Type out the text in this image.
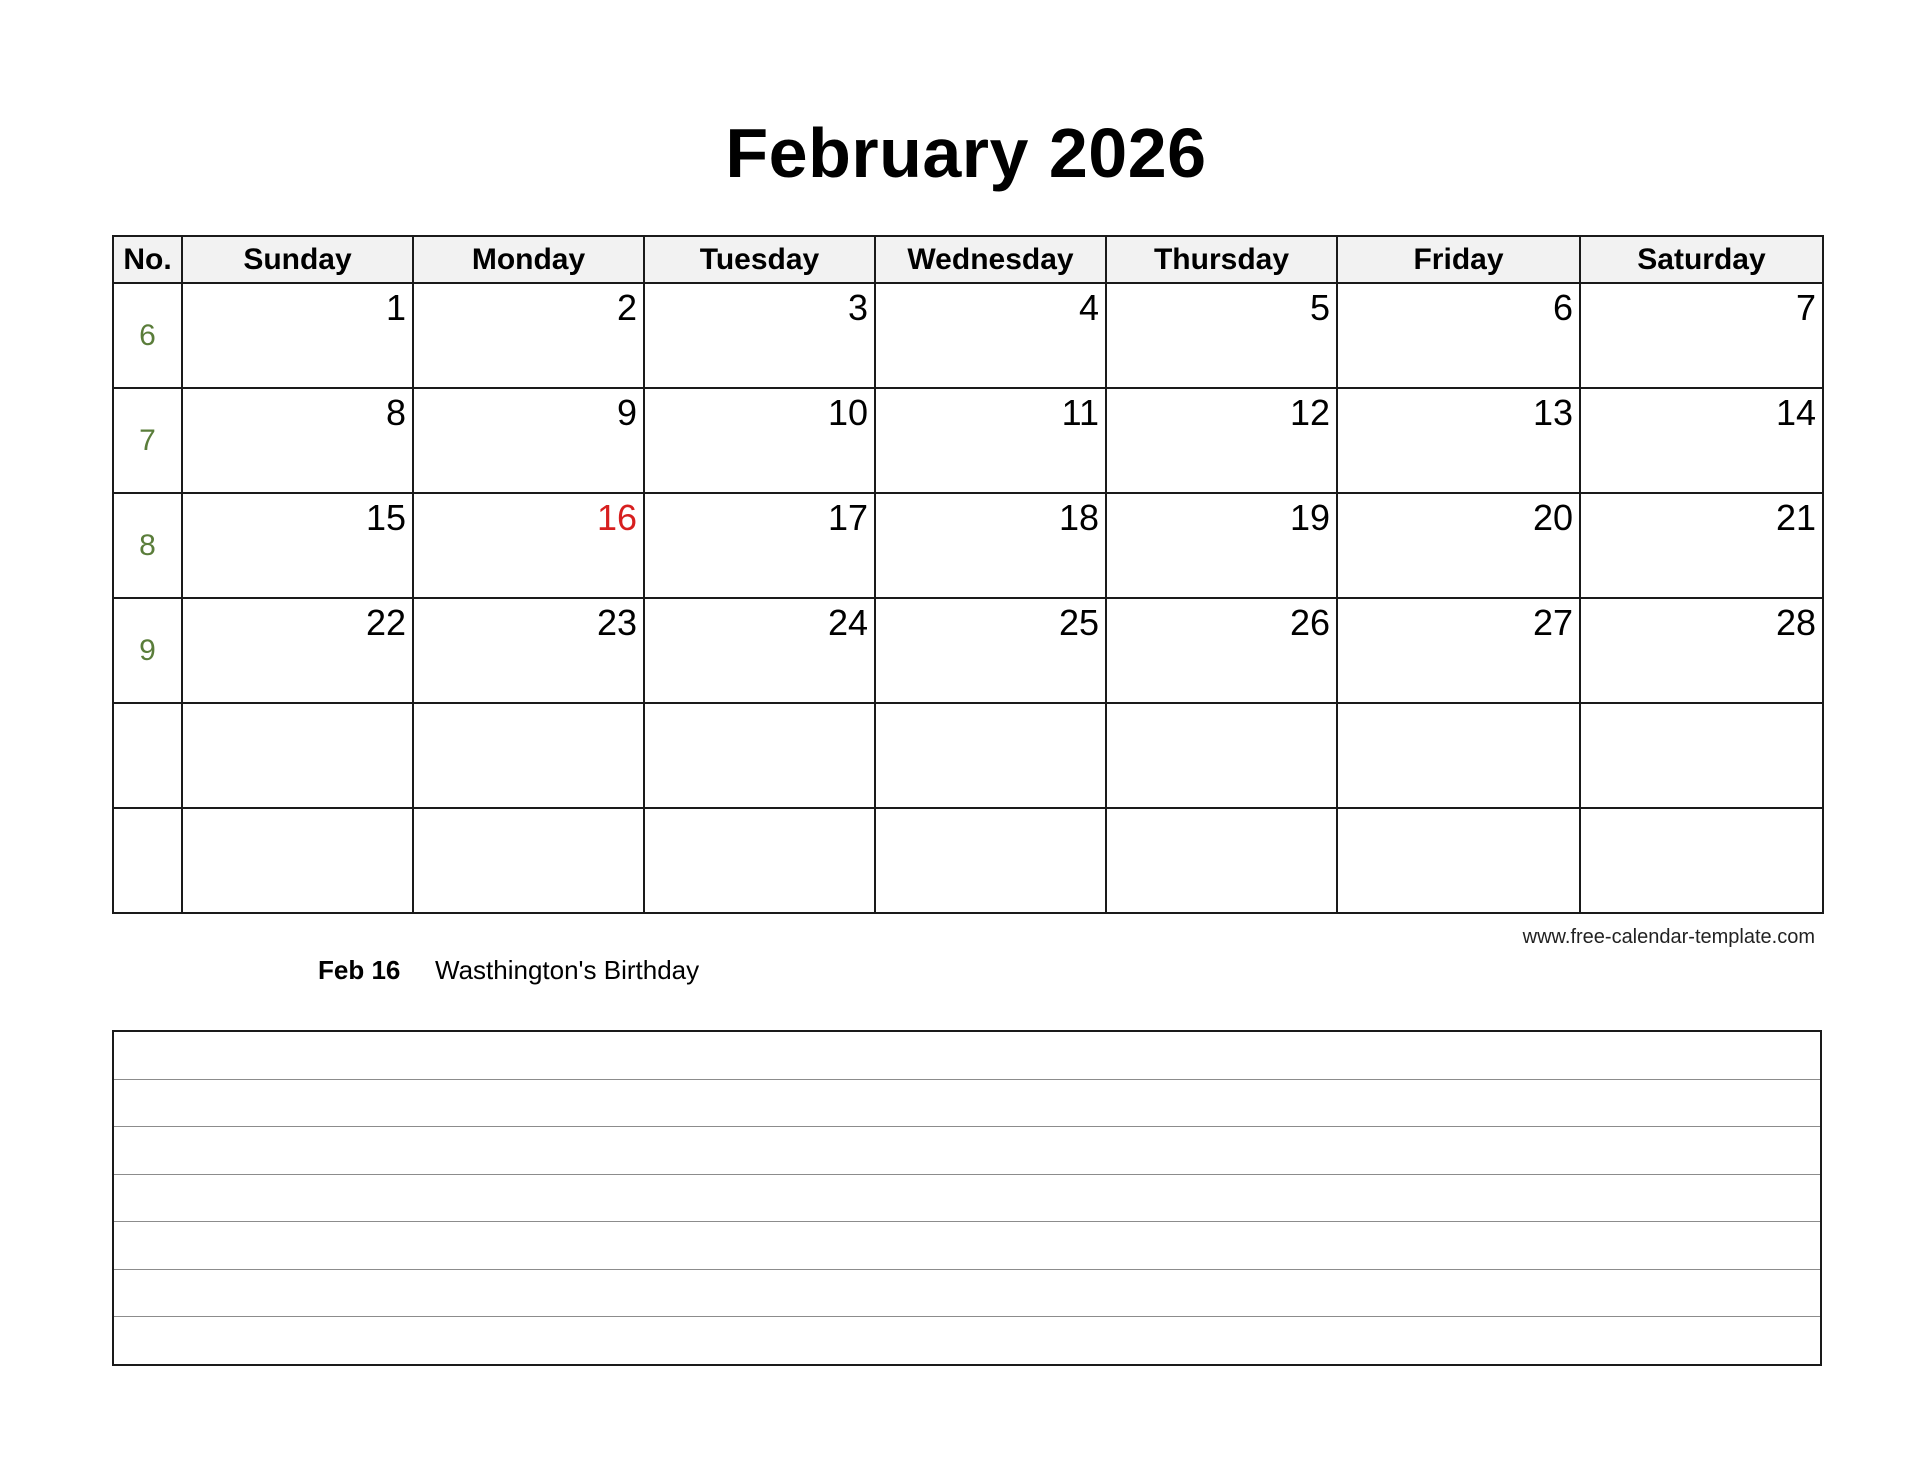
February 2026
No.	Sunday	Monday	Tuesday	Wednesday	Thursday	Friday	Saturday

6	1	2	3	4	5	6	7

7	8	9	10	11	12	13	14

8	15	16	17	18	19	20	21

9	22	23	24	25	26	27	28

www.free-calendar-template.com
Feb 16	Wasthington's Birthday
